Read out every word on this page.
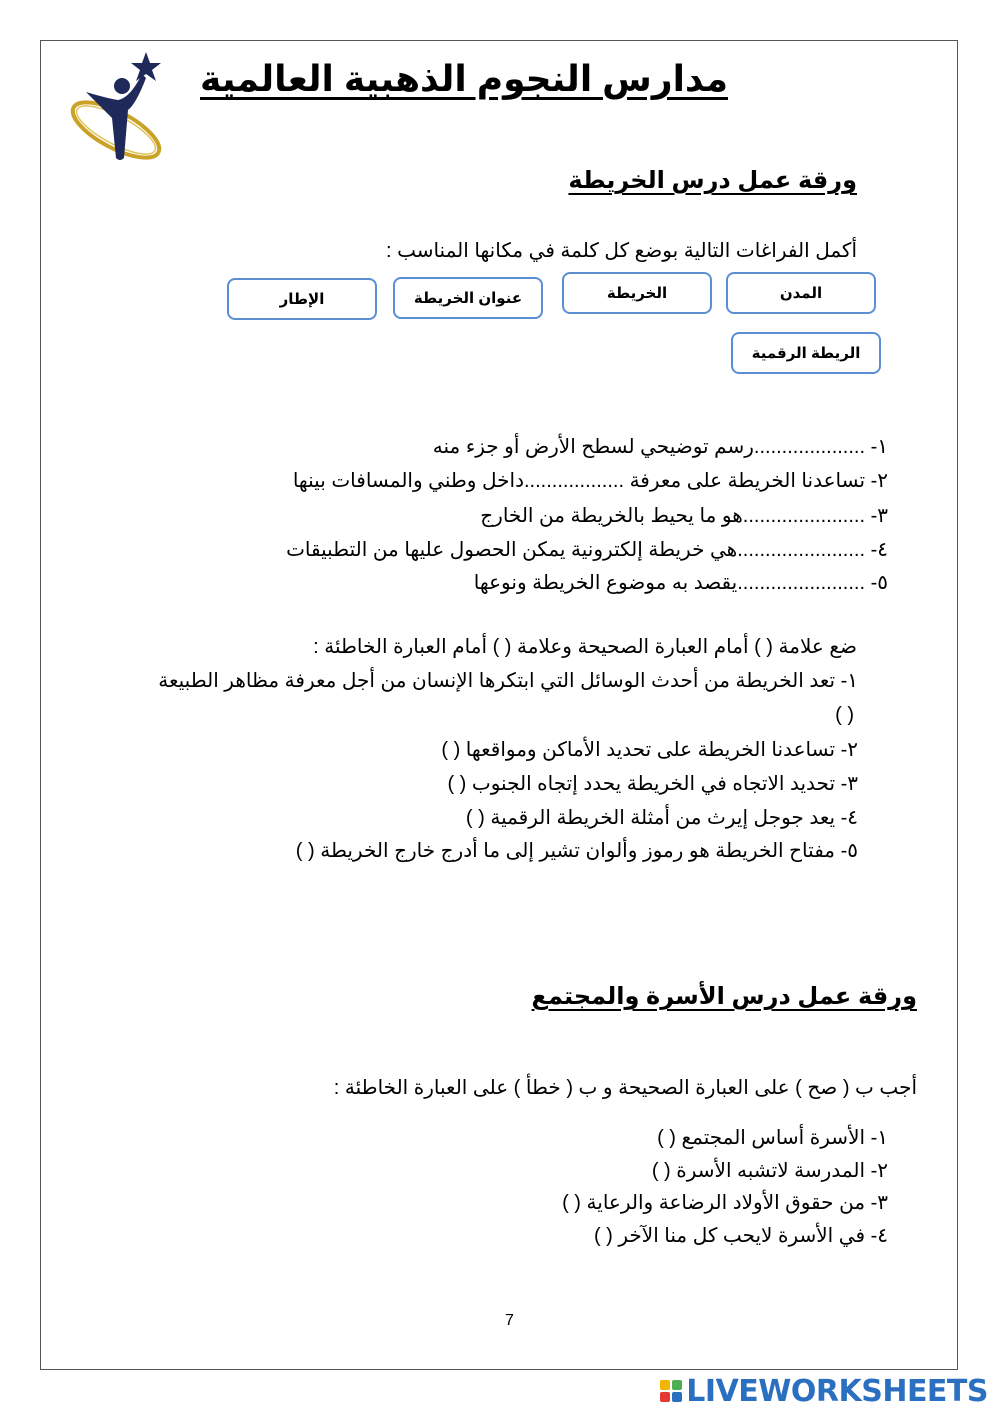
مدارس النجوم الذهبية العالمية
ورقة عمل درس الخريطة
أكمل الفراغات التالية بوضع كل كلمة في مكانها المناسب :
المدن
الخريطة
عنوان الخريطة
الإطار
الريطة الرقمية
١- ....................رسم توضيحي لسطح الأرض أو جزء منه
٢- تساعدنا الخريطة على معرفة ..................داخل وطني والمسافات بينها
٣- ......................هو ما يحيط بالخريطة من الخارج
٤- .......................هي خريطة إلكترونية يمكن الحصول عليها من التطبيقات
٥- .......................يقصد به موضوع الخريطة ونوعها
ضع علامة ( ) أمام العبارة الصحيحة وعلامة ( ) أمام العبارة الخاطئة :
١- تعد الخريطة من أحدث الوسائل التي ابتكرها الإنسان من أجل معرفة مظاهر الطبيعة
( )
٢- تساعدنا الخريطة على تحديد الأماكن ومواقعها ( )
٣- تحديد الاتجاه في الخريطة يحدد إتجاه الجنوب ( )
٤- يعد جوجل إيرث من أمثلة الخريطة الرقمية ( )
٥- مفتاح الخريطة هو رموز وألوان تشير إلى ما أدرج خارج الخريطة ( )
ورقة عمل درس الأسرة والمجتمع
أجب ب ( صح ) على العبارة الصحيحة و ب ( خطأ ) على العبارة الخاطئة :
١- الأسرة أساس المجتمع ( )
٢- المدرسة لاتشبه الأسرة ( )
٣- من حقوق الأولاد الرضاعة والرعاية ( )
٤- في الأسرة لايحب كل منا الآخر ( )
7
LIVEWORKSHEETS
